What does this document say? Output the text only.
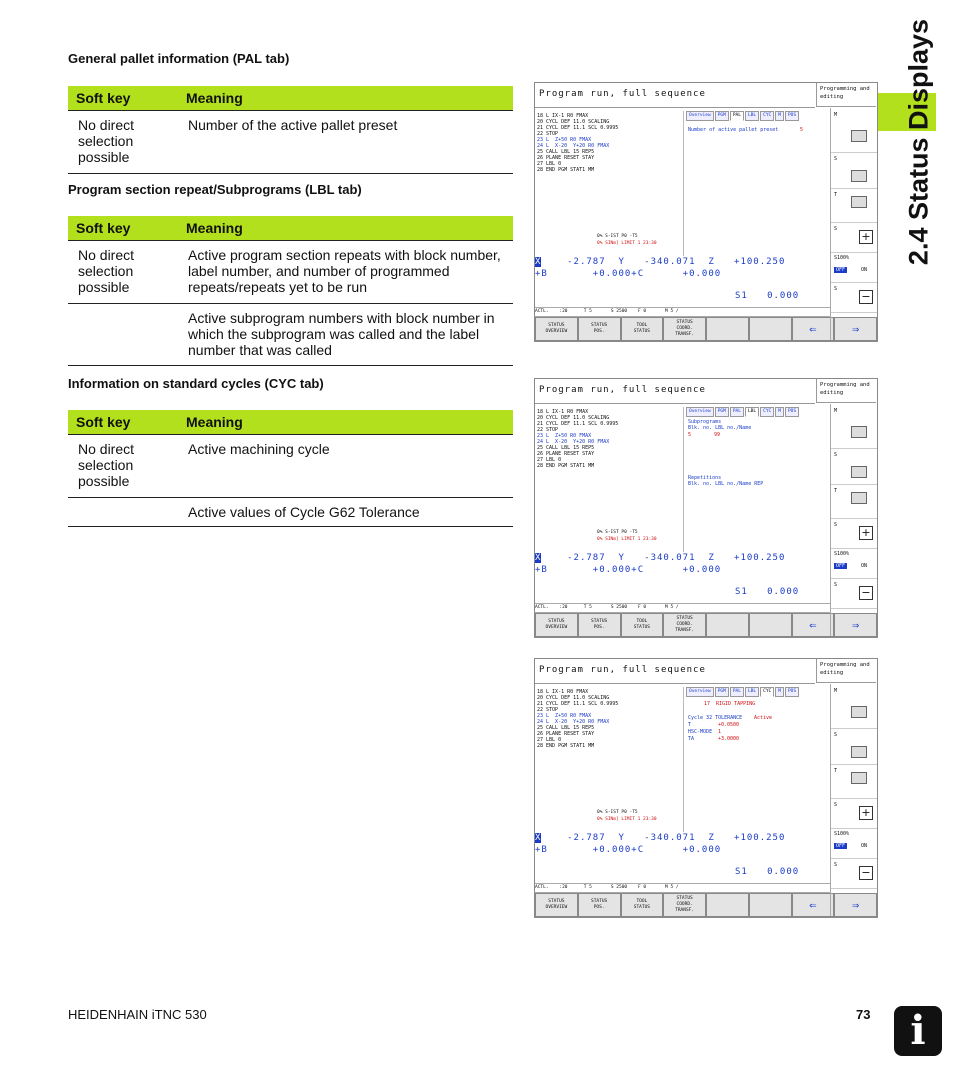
2.4 Status Displays
General pallet information (PAL tab)
Soft key	Meaning
No direct selection possible	Number of the active pallet preset
Program section repeat/Subprograms (LBL tab)
Soft key	Meaning
No direct selection possible	Active program section repeats with block number, label number, and number of programmed repeats/repeats yet to be run
	Active subprogram numbers with block number in which the subprogram was called and the label number that was called
Information on standard cycles (CYC tab)
Soft key	Meaning
No direct selection possible	Active machining cycle
	Active values of Cycle G62 Tolerance
Program run, full sequence	Programming and editing
18 L IX-1 R0 FMAX
20 CYCL DEF 11.0 SCALING
21 CYCL DEF 11.1 SCL 0.9995
22 STOP
23 L  Z+50 R0 FMAX
24 L  X-20  Y+20 R0 FMAX
25 CALL LBL 15 REP5
26 PLANE RESET STAY
27 LBL 0
28 END PGM STAT1 MM
Overview	PGM	PAL	LBL	CYC	M	POS
Number of active pallet preset	5
0% S-IST P0 -T5
0% SINm] LIMIT 1 23:30
X	-2.787 Y -340.071 Z +100.250
+B	+0.000+C	+0.000
S1   0.000
ACTL.    :20      T 5       S 2500    F 0       M 5 /
STATUS
OVERVIEW
STATUS
POS.
TOOL
STATUS
STATUS
COORD.
TRANSF.	⇐	⇒
M
S
T
S
+
S100%
OFF	ON
S
−
Program run, full sequence	Programming and editing
18 L IX-1 R0 FMAX
20 CYCL DEF 11.0 SCALING
21 CYCL DEF 11.1 SCL 0.9995
22 STOP
23 L  Z+50 R0 FMAX
24 L  X-20  Y+20 R0 FMAX
25 CALL LBL 15 REP5
26 PLANE RESET STAY
27 LBL 0
28 END PGM STAT1 MM
Overview	PGM	PAL	LBL	CYC	M	POS
Subprograms
Blk. no. LBL no./Name
5	99
Repetitions
Blk. no. LBL no./Name REP
0% S-IST P0 -T5
0% SINm] LIMIT 1 23:30
X	-2.787 Y -340.071 Z +100.250
+B	+0.000+C	+0.000
S1   0.000
ACTL.    :20      T 5       S 2500    F 0       M 5 /
STATUS
OVERVIEW
STATUS
POS.
TOOL
STATUS
STATUS
COORD.
TRANSF.	⇐	⇒
M
S
T
S
+
S100%
OFF	ON
S
−
Program run, full sequence	Programming and editing
18 L IX-1 R0 FMAX
20 CYCL DEF 11.0 SCALING
21 CYCL DEF 11.1 SCL 0.9995
22 STOP
23 L  Z+50 R0 FMAX
24 L  X-20  Y+20 R0 FMAX
25 CALL LBL 15 REP5
26 PLANE RESET STAY
27 LBL 0
28 END PGM STAT1 MM
Overview	PGM	PAL	LBL	CYC	M	POS
17 RIGID TAPPING
Cycle 32 TOLERANCE Active
T	+0.0500
HSC-MODE 1
TA	+3.0000
0% S-IST P0 -T5
0% SINm] LIMIT 1 23:30
X	-2.787 Y -340.071 Z +100.250
+B	+0.000+C	+0.000
S1   0.000
ACTL.    :20      T 5       S 2500    F 0       M 5 /
STATUS
OVERVIEW
STATUS
POS.
TOOL
STATUS
STATUS
COORD.
TRANSF.	⇐	⇒
M
S
T
S
+
S100%
OFF	ON
S
−
HEIDENHAIN iTNC 530	73 i
